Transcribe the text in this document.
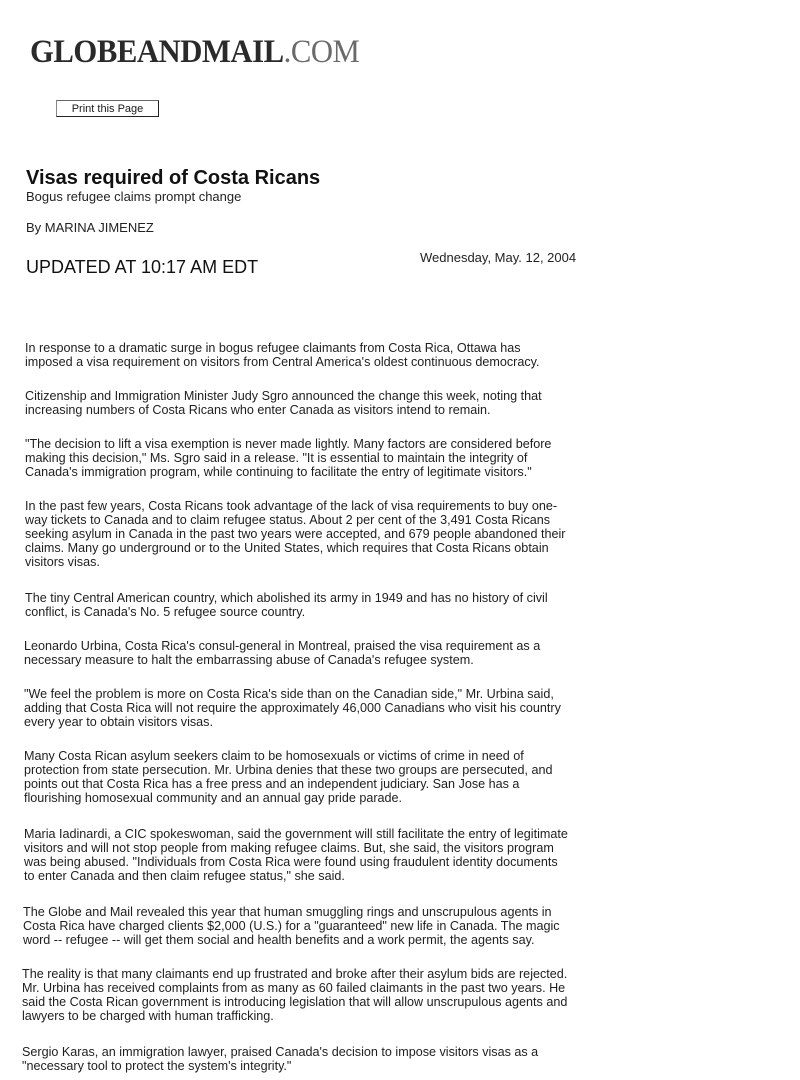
GLOBEANDMAIL.COM
Print this Page
Visas required of Costa Ricans
Bogus refugee claims prompt change
By MARINA JIMENEZ
UPDATED AT 10:17 AM EDT	Wednesday, May. 12, 2004
In response to a dramatic surge in bogus refugee claimants from Costa Rica, Ottawa has
imposed a visa requirement on visitors from Central America's oldest continuous democracy.
Citizenship and Immigration Minister Judy Sgro announced the change this week, noting that
increasing numbers of Costa Ricans who enter Canada as visitors intend to remain.
"The decision to lift a visa exemption is never made lightly. Many factors are considered before
making this decision," Ms. Sgro said in a release. "It is essential to maintain the integrity of
Canada's immigration program, while continuing to facilitate the entry of legitimate visitors."
In the past few years, Costa Ricans took advantage of the lack of visa requirements to buy one-
way tickets to Canada and to claim refugee status. About 2 per cent of the 3,491 Costa Ricans
seeking asylum in Canada in the past two years were accepted, and 679 people abandoned their
claims. Many go underground or to the United States, which requires that Costa Ricans obtain
visitors visas.
The tiny Central American country, which abolished its army in 1949 and has no history of civil
conflict, is Canada's No. 5 refugee source country.
Leonardo Urbina, Costa Rica's consul-general in Montreal, praised the visa requirement as a
necessary measure to halt the embarrassing abuse of Canada's refugee system.
"We feel the problem is more on Costa Rica's side than on the Canadian side," Mr. Urbina said,
adding that Costa Rica will not require the approximately 46,000 Canadians who visit his country
every year to obtain visitors visas.
Many Costa Rican asylum seekers claim to be homosexuals or victims of crime in need of
protection from state persecution. Mr. Urbina denies that these two groups are persecuted, and
points out that Costa Rica has a free press and an independent judiciary. San Jose has a
flourishing homosexual community and an annual gay pride parade.
Maria Iadinardi, a CIC spokeswoman, said the government will still facilitate the entry of legitimate
visitors and will not stop people from making refugee claims. But, she said, the visitors program
was being abused. "Individuals from Costa Rica were found using fraudulent identity documents
to enter Canada and then claim refugee status," she said.
The Globe and Mail revealed this year that human smuggling rings and unscrupulous agents in
Costa Rica have charged clients $2,000 (U.S.) for a "guaranteed" new life in Canada. The magic
word -- refugee -- will get them social and health benefits and a work permit, the agents say.
The reality is that many claimants end up frustrated and broke after their asylum bids are rejected.
Mr. Urbina has received complaints from as many as 60 failed claimants in the past two years. He
said the Costa Rican government is introducing legislation that will allow unscrupulous agents and
lawyers to be charged with human trafficking.
Sergio Karas, an immigration lawyer, praised Canada's decision to impose visitors visas as a
"necessary tool to protect the system's integrity."
